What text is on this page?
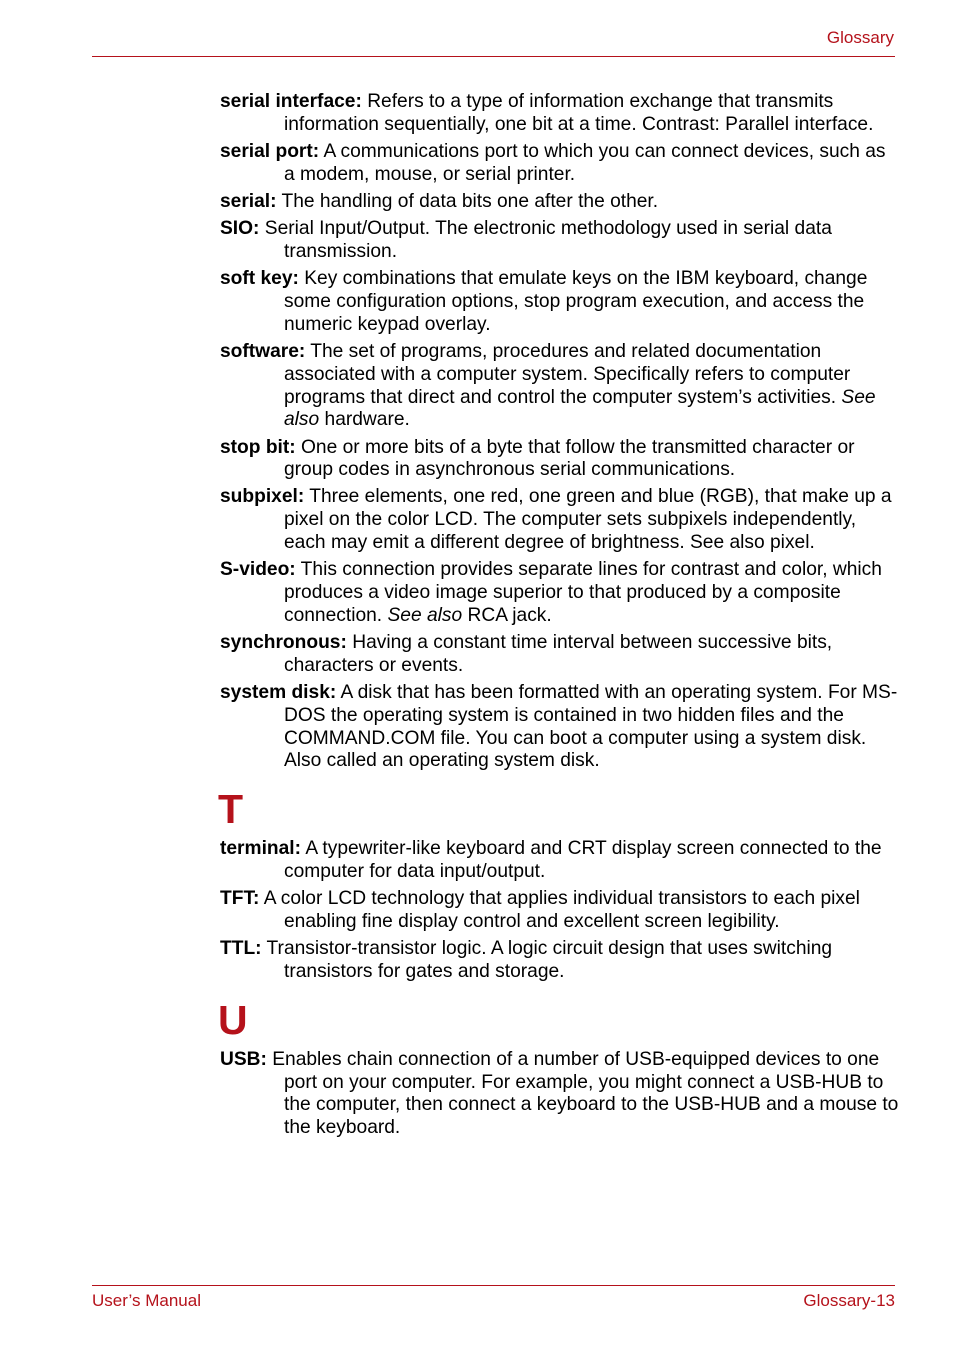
Glossary
serial interface: Refers to a type of information exchange that transmits information sequentially, one bit at a time. Contrast: Parallel interface.
serial port: A communications port to which you can connect devices, such as a modem, mouse, or serial printer.
serial: The handling of data bits one after the other.
SIO: Serial Input/Output. The electronic methodology used in serial data transmission.
soft key: Key combinations that emulate keys on the IBM keyboard, change some configuration options, stop program execution, and access the numeric keypad overlay.
software: The set of programs, procedures and related documentation associated with a computer system. Specifically refers to computer programs that direct and control the computer system’s activities. See also hardware.
stop bit: One or more bits of a byte that follow the transmitted character or group codes in asynchronous serial communications.
subpixel: Three elements, one red, one green and blue (RGB), that make up a pixel on the color LCD. The computer sets subpixels independently, each may emit a different degree of brightness. See also pixel.
S-video: This connection provides separate lines for contrast and color, which produces a video image superior to that produced by a composite connection. See also RCA jack.
synchronous: Having a constant time interval between successive bits, characters or events.
system disk: A disk that has been formatted with an operating system. For MS-DOS the operating system is contained in two hidden files and the COMMAND.COM file. You can boot a computer using a system disk. Also called an operating system disk.
T
terminal: A typewriter-like keyboard and CRT display screen connected to the computer for data input/output.
TFT: A color LCD technology that applies individual transistors to each pixel enabling fine display control and excellent screen legibility.
TTL: Transistor-transistor logic. A logic circuit design that uses switching transistors for gates and storage.
U
USB: Enables chain connection of a number of USB-equipped devices to one port on your computer. For example, you might connect a USB-HUB to the computer, then connect a keyboard to the USB-HUB and a mouse to the keyboard.
User’s Manual	Glossary-13
